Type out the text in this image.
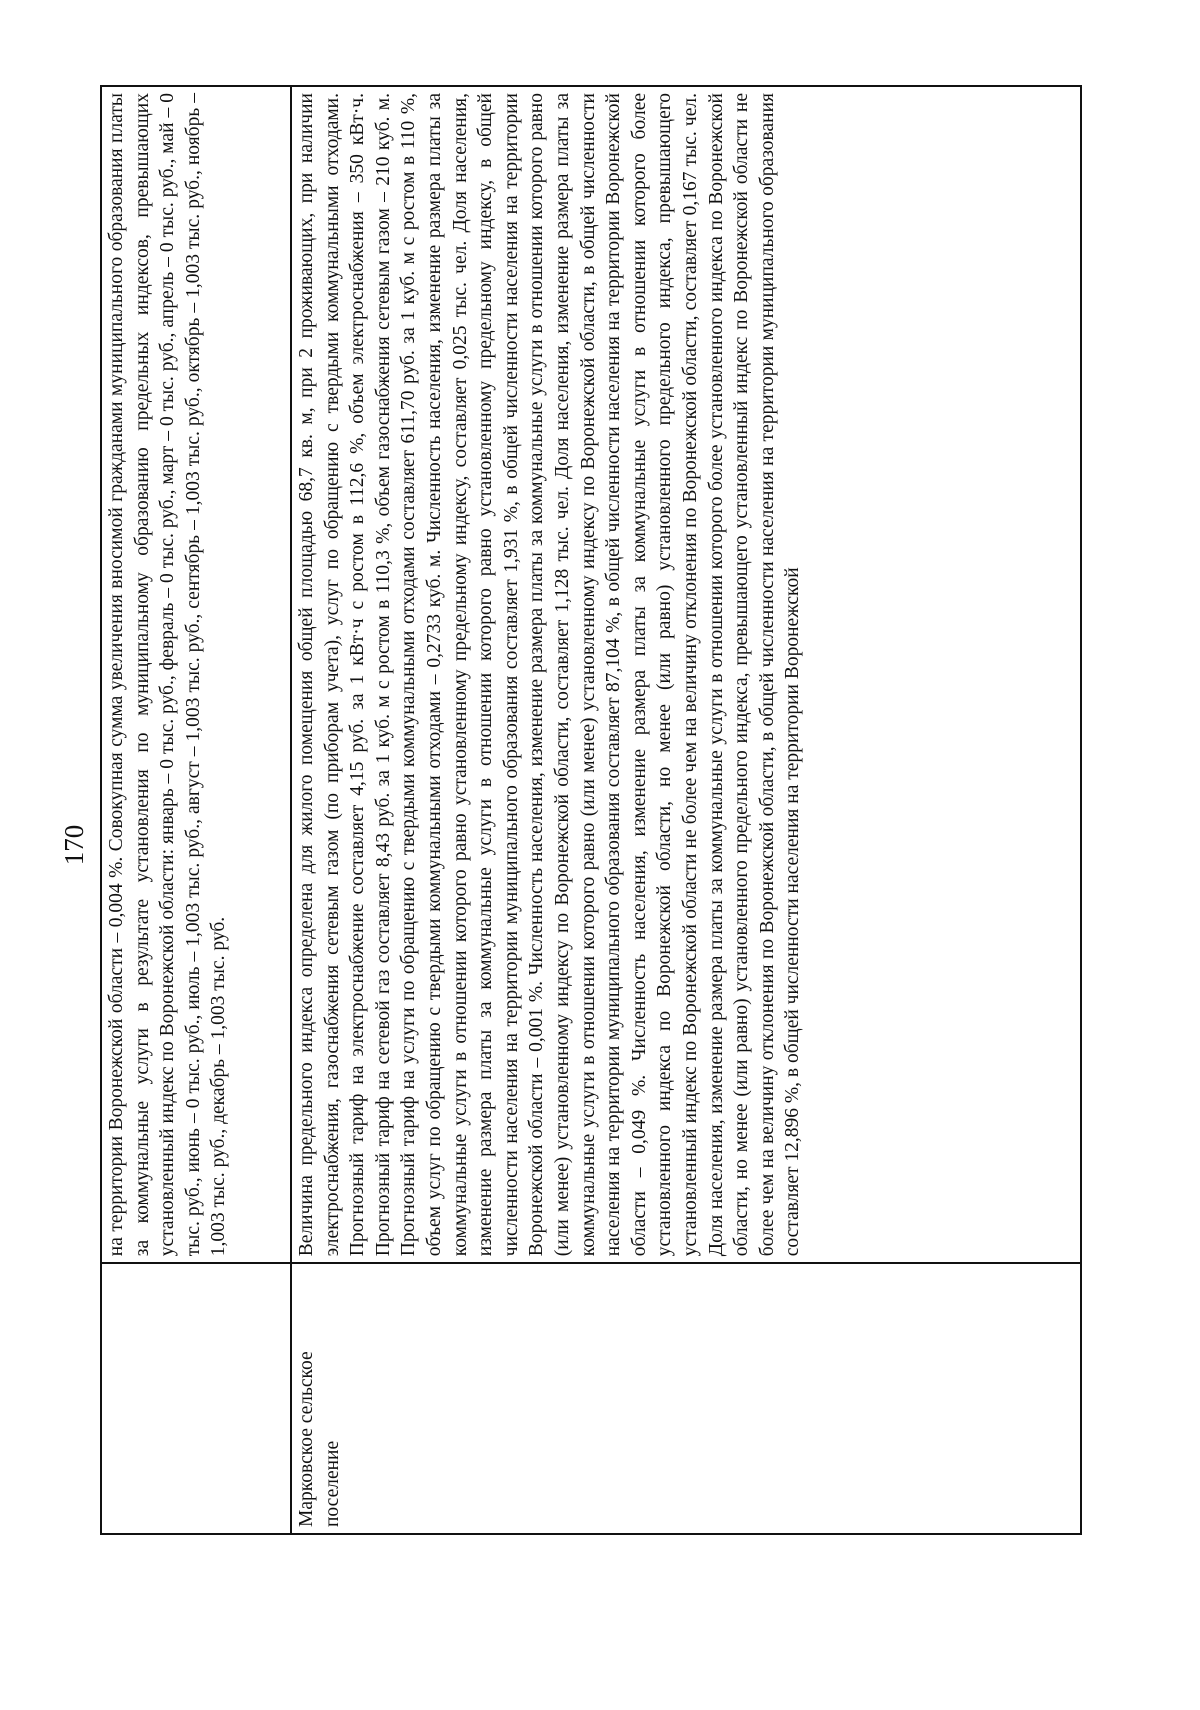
170
	на территории Воронежской области – 0,004 %. Совокупная сумма увеличения вносимой гражданами муниципального образования платы за коммунальные услуги в результате установления по муниципальному образованию предельных индексов, превышающих установленный индекс по Воронежской области: январь – 0 тыс. руб., февраль – 0 тыс. руб., март – 0 тыс. руб., апрель – 0 тыс. руб., май – 0 тыс. руб., июнь – 0 тыс. руб., июль – 1,003 тыс. руб., август – 1,003 тыс. руб., сентябрь – 1,003 тыс. руб., октябрь – 1,003 тыс. руб., ноябрь – 1,003 тыс. руб., декабрь – 1,003 тыс. руб.
Марковское сельское поселение	Величина предельного индекса определена для жилого помещения общей площадью 68,7 кв. м, при 2 проживающих, при наличии электроснабжения, газоснабжения сетевым газом (по приборам учета), услуг по обращению с твердыми коммунальными отходами. Прогнозный тариф на электроснабжение составляет 4,15 руб. за 1 кВт·ч с ростом в 112,6 %, объем электроснабжения – 350 кВт·ч. Прогнозный тариф на сетевой газ составляет 8,43 руб. за 1 куб. м с ростом в 110,3 %, объем газоснабжения сетевым газом – 210 куб. м. Прогнозный тариф на услуги по обращению с твердыми коммунальными отходами составляет 611,70 руб. за 1 куб. м с ростом в 110 %, объем услуг по обращению с твердыми коммунальными отходами – 0,2733 куб. м. Численность населения, изменение размера платы за коммунальные услуги в отношении которого равно установленному предельному индексу, составляет 0,025 тыс. чел. Доля населения, изменение размера платы за коммунальные услуги в отношении которого равно установленному предельному индексу, в общей численности населения на территории муниципального образования составляет 1,931 %, в общей численности населения на территории Воронежской области – 0,001 %. Численность населения, изменение размера платы за коммунальные услуги в отношении которого равно (или менее) установленному индексу по Воронежской области, составляет 1,128 тыс. чел. Доля населения, изменение размера платы за коммунальные услуги в отношении которого равно (или менее) установленному индексу по Воронежской области, в общей численности населения на территории муниципального образования составляет 87,104 %, в общей численности населения на территории Воронежской области – 0,049 %. Численность населения, изменение размера платы за коммунальные услуги в отношении которого более установленного индекса по Воронежской области, но менее (или равно) установленного предельного индекса, превышающего установленный индекс по Воронежской области не более чем на величину отклонения по Воронежской области, составляет 0,167 тыс. чел. Доля населения, изменение размера платы за коммунальные услуги в отношении которого более установленного индекса по Воронежской области, но менее (или равно) установленного предельного индекса, превышающего установленный индекс по Воронежской области не более чем на величину отклонения по Воронежской области, в общей численности населения на территории муниципального образования составляет 12,896 %, в общей численности населения на территории Воронежской
